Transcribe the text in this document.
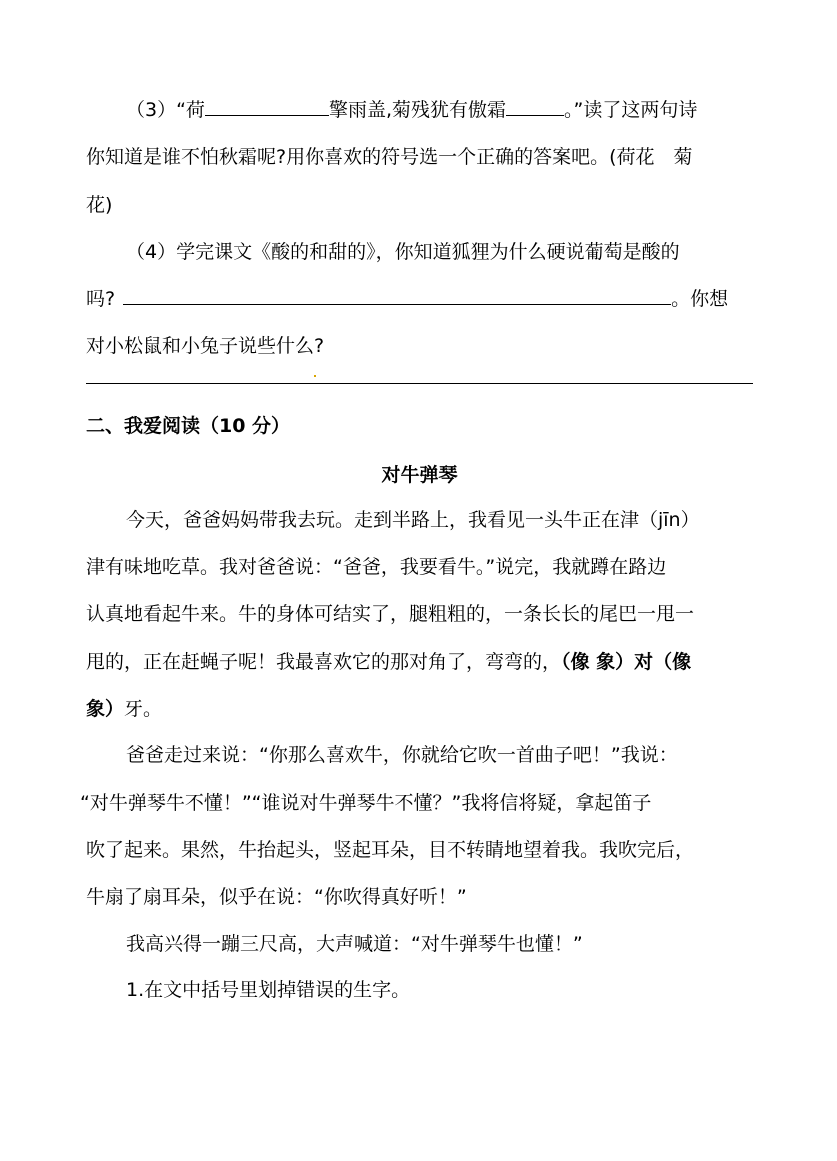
（3）“荷	擎雨盖,菊残犹有傲霜	。”读了这两句诗
你知道是谁不怕秋霜呢?用你喜欢的符号选一个正确的答案吧。(荷花　菊
花)
（4）学完课文《酸的和甜的》，你知道狐狸为什么硬说葡萄是酸的
吗?	。你想
对小松鼠和小兔子说些什么?
二、我爱阅读（10 分）
对牛弹琴
今天，爸爸妈妈带我去玩。走到半路上，我看见一头牛正在津（jīn）
津有味地吃草。我对爸爸说：“爸爸，我要看牛。”说完，我就蹲在路边
认真地看起牛来。牛的身体可结实了，腿粗粗的，一条长长的尾巴一甩一
甩的，正在赶蝇子呢！我最喜欢它的那对角了，弯弯的，（像 象）对（像
象）牙。
爸爸走过来说：“你那么喜欢牛，你就给它吹一首曲子吧！”我说：
“对牛弹琴牛不懂！”“谁说对牛弹琴牛不懂？”我将信将疑，拿起笛子
吹了起来。果然，牛抬起头，竖起耳朵，目不转睛地望着我。我吹完后，
牛扇了扇耳朵，似乎在说：“你吹得真好听！”
我高兴得一蹦三尺高，大声喊道：“对牛弹琴牛也懂！”
1.在文中括号里划掉错误的生字。
